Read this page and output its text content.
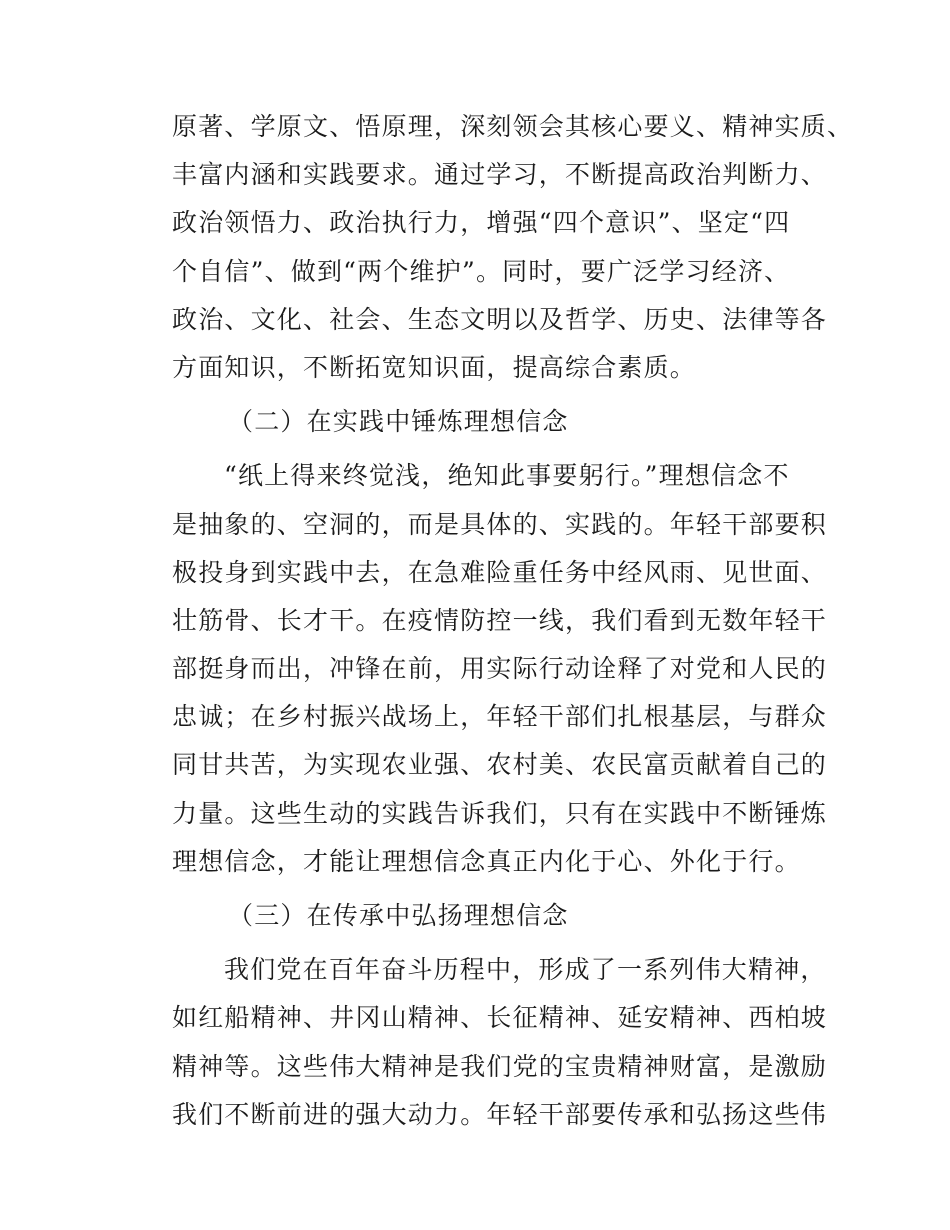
原著、学原文、悟原理，深刻领会其核心要义、精神实质、
丰富内涵和实践要求。通过学习，不断提高政治判断力、
政治领悟力、政治执行力，增强“四个意识”、坚定“四
个自信”、做到“两个维护”。同时，要广泛学习经济、
政治、文化、社会、生态文明以及哲学、历史、法律等各
方面知识，不断拓宽知识面，提高综合素质。
（二）在实践中锤炼理想信念
“纸上得来终觉浅，绝知此事要躬行。”理想信念不
是抽象的、空洞的，而是具体的、实践的。年轻干部要积
极投身到实践中去，在急难险重任务中经风雨、见世面、
壮筋骨、长才干。在疫情防控一线，我们看到无数年轻干
部挺身而出，冲锋在前，用实际行动诠释了对党和人民的
忠诚；在乡村振兴战场上，年轻干部们扎根基层，与群众
同甘共苦，为实现农业强、农村美、农民富贡献着自己的
力量。这些生动的实践告诉我们，只有在实践中不断锤炼
理想信念，才能让理想信念真正内化于心、外化于行。
（三）在传承中弘扬理想信念
我们党在百年奋斗历程中，形成了一系列伟大精神，
如红船精神、井冈山精神、长征精神、延安精神、西柏坡
精神等。这些伟大精神是我们党的宝贵精神财富，是激励
我们不断前进的强大动力。年轻干部要传承和弘扬这些伟
